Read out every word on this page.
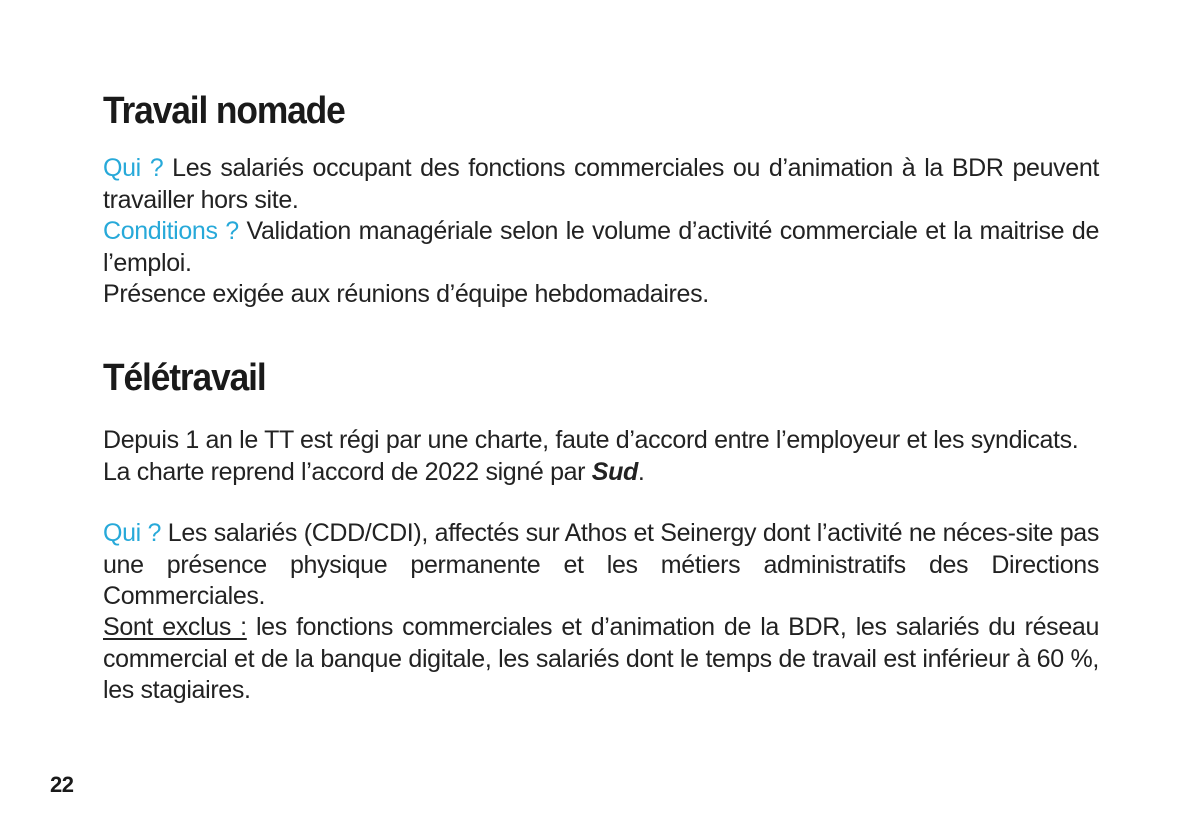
Travail nomade

Qui ? Les salariés occupant des fonctions commerciales ou d’animation à la BDR peuvent travailler hors site.

Conditions ? Validation managériale selon le volume d’activité commerciale et la maitrise de l’emploi.

Présence exigée aux réunions d’équipe hebdomadaires.

Télétravail

Depuis 1 an le TT est régi par une charte, faute d’accord entre l’employeur et les syndicats.
La charte reprend l’accord de 2022 signé par Sud.

Qui ? Les salariés (CDD/CDI), affectés sur Athos et Seinergy dont l’activité ne néces-site pas une présence physique permanente et les métiers administratifs des Directions Commerciales.

Sont exclus : les fonctions commerciales et d’animation de la BDR, les salariés du réseau commercial et de la banque digitale, les salariés dont le temps de travail est inférieur à 60 %, les stagiaires.

22
